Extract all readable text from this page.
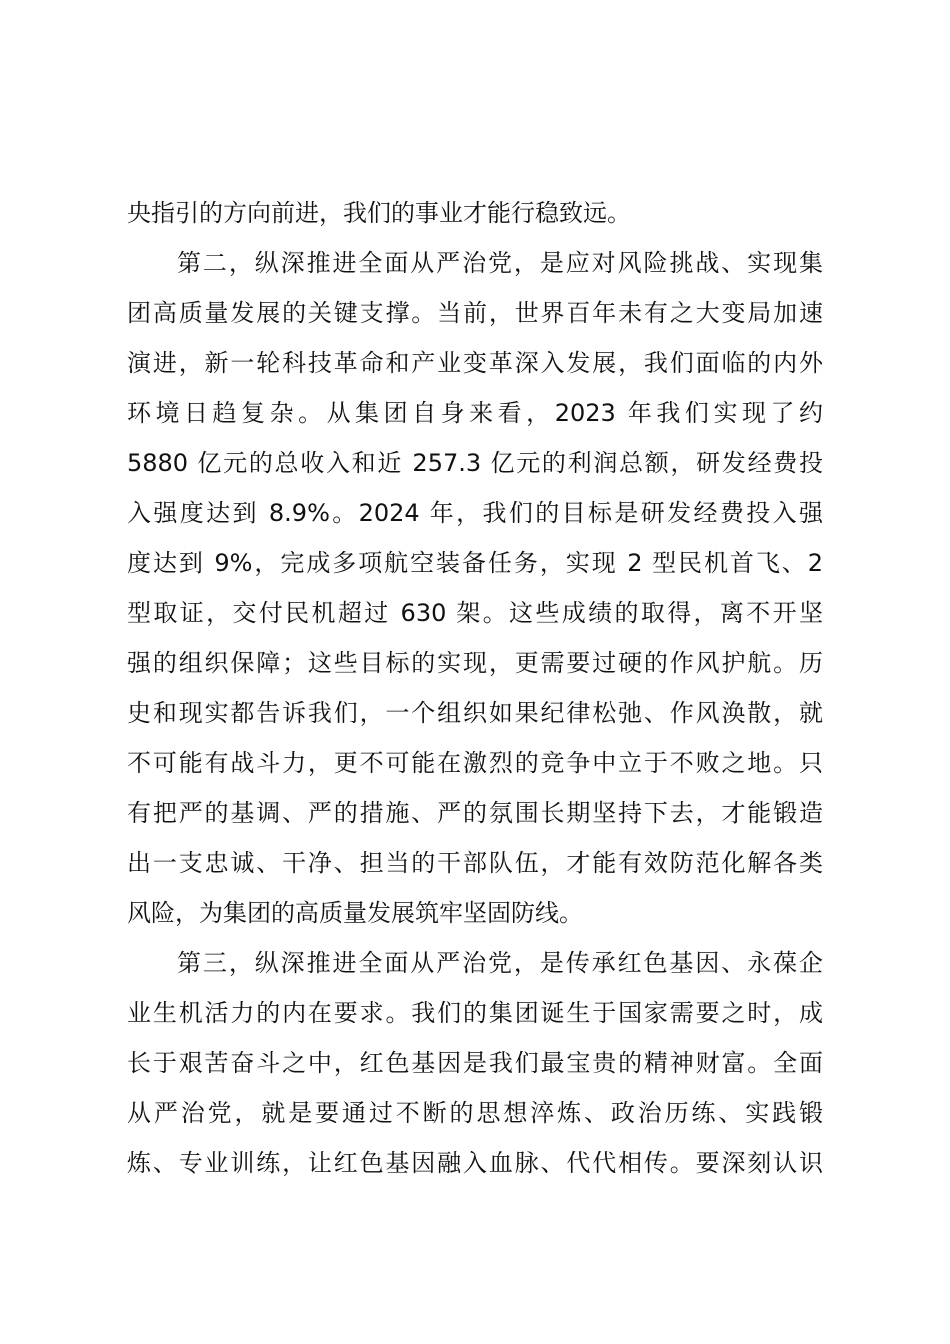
央指引的方向前进，我们的事业才能行稳致远。
第二，纵深推进全面从严治党，是应对风险挑战、实现集
团高质量发展的关键支撑。当前，世界百年未有之大变局加速
演进，新一轮科技革命和产业变革深入发展，我们面临的内外
环境日趋复杂。从集团自身来看，2023 年我们实现了约
5880 亿元的总收入和近 257.3 亿元的利润总额，研发经费投
入强度达到 8.9%。2024 年，我们的目标是研发经费投入强
度达到 9%，完成多项航空装备任务，实现 2 型民机首飞、2
型取证，交付民机超过 630 架。这些成绩的取得，离不开坚
强的组织保障；这些目标的实现，更需要过硬的作风护航。历
史和现实都告诉我们，一个组织如果纪律松弛、作风涣散，就
不可能有战斗力，更不可能在激烈的竞争中立于不败之地。只
有把严的基调、严的措施、严的氛围长期坚持下去，才能锻造
出一支忠诚、干净、担当的干部队伍，才能有效防范化解各类
风险，为集团的高质量发展筑牢坚固防线。
第三，纵深推进全面从严治党，是传承红色基因、永葆企
业生机活力的内在要求。我们的集团诞生于国家需要之时，成
长于艰苦奋斗之中，红色基因是我们最宝贵的精神财富。全面
从严治党，就是要通过不断的思想淬炼、政治历练、实践锻
炼、专业训练，让红色基因融入血脉、代代相传。要深刻认识
